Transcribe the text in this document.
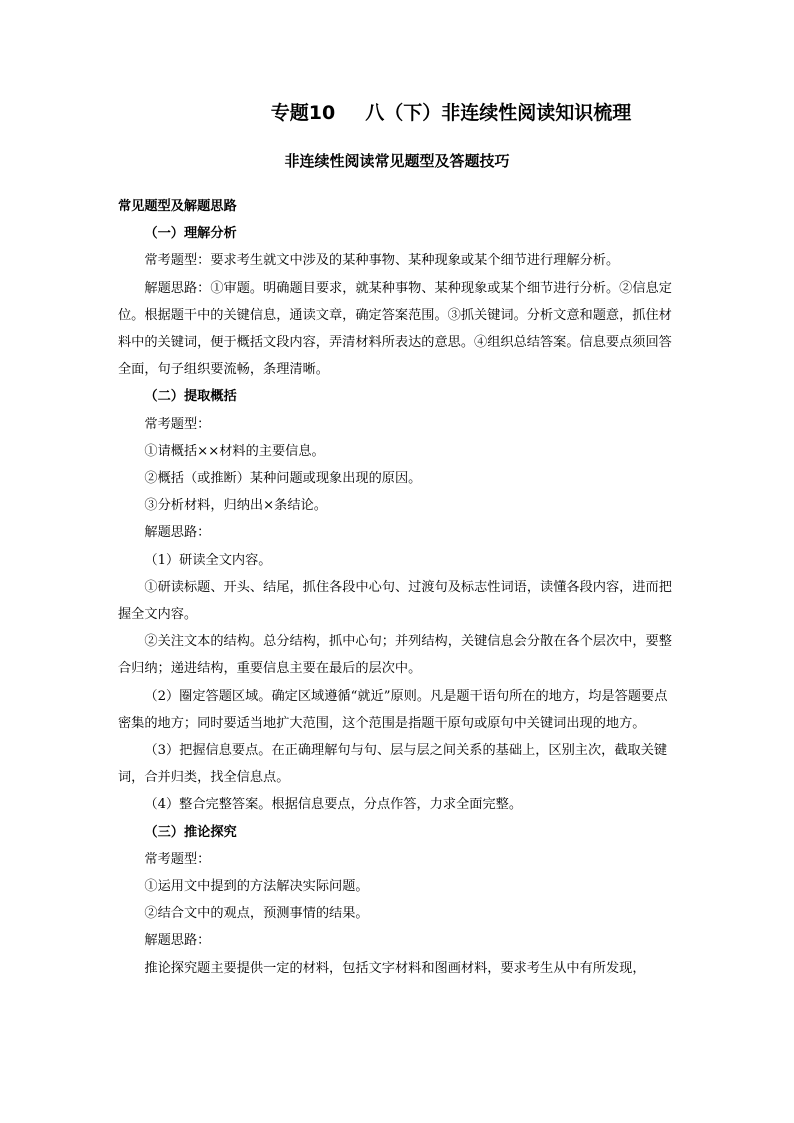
专题10 八（下）非连续性阅读知识梳理
非连续性阅读常见题型及答题技巧

常见题型及解题思路

（一）理解分析

常考题型：要求考生就文中涉及的某种事物、某种现象或某个细节进行理解分析。

解题思路：①审题。明确题目要求，就某种事物、某种现象或某个细节进行分析。②信息定位。根据题干中的关键信息，通读文章，确定答案范围。③抓关键词。分析文意和题意，抓住材料中的关键词，便于概括文段内容，弄清材料所表达的意思。④组织总结答案。信息要点须回答全面，句子组织要流畅，条理清晰。

（二）提取概括

常考题型：

①请概括××材料的主要信息。

②概括（或推断）某种问题或现象出现的原因。

③分析材料，归纳出×条结论。

解题思路：

（1）研读全文内容。

①研读标题、开头、结尾，抓住各段中心句、过渡句及标志性词语，读懂各段内容，进而把握全文内容。

②关注文本的结构。总分结构，抓中心句；并列结构，关键信息会分散在各个层次中，要整合归纳；递进结构，重要信息主要在最后的层次中。

（2）圈定答题区域。确定区域遵循“就近”原则。凡是题干语句所在的地方，均是答题要点密集的地方；同时要适当地扩大范围，这个范围是指题干原句或原句中关键词出现的地方。

（3）把握信息要点。在正确理解句与句、层与层之间关系的基础上，区别主次，截取关键词，合并归类，找全信息点。

（4）整合完整答案。根据信息要点，分点作答，力求全面完整。

（三）推论探究

常考题型：

①运用文中提到的方法解决实际问题。

②结合文中的观点，预测事情的结果。

解题思路：

推论探究题主要提供一定的材料，包括文字材料和图画材料，要求考生从中有所发现，
